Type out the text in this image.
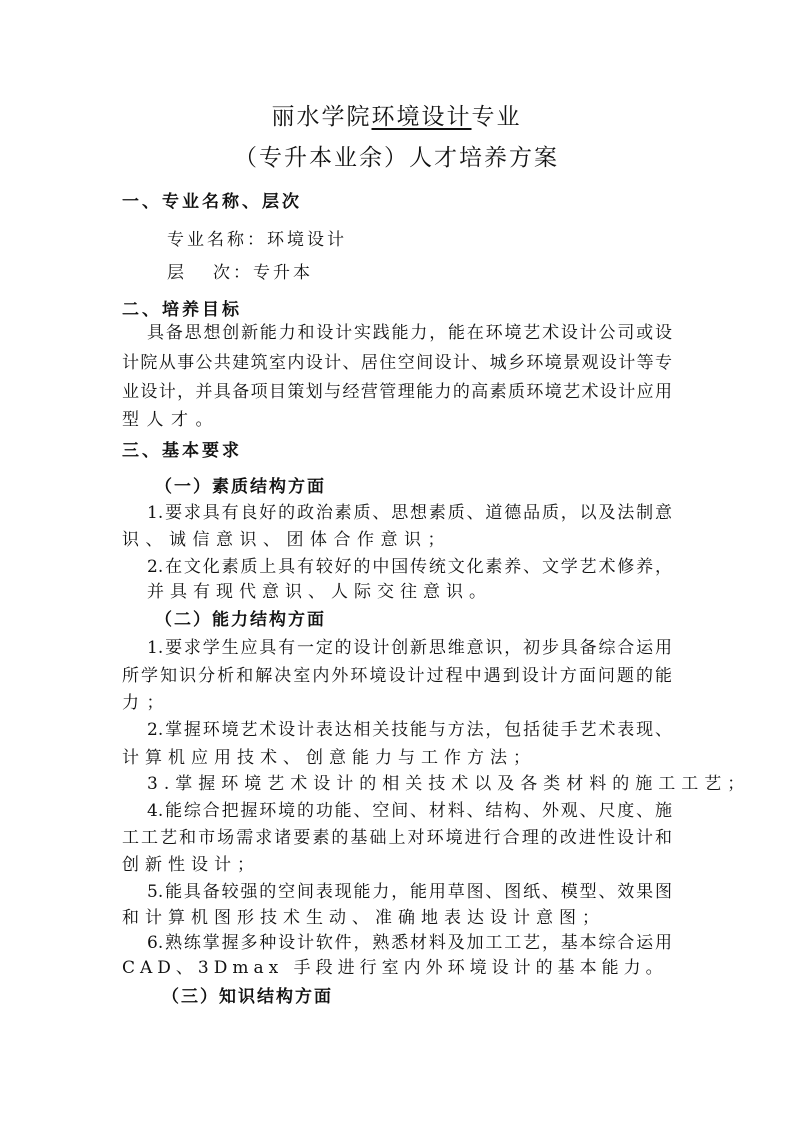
丽水学院环境设计专业
（专升本业余）人才培养方案
一、专业名称、层次
专业名称：环境设计
层 次：专升本
二、培养目标
具备思想创新能力和设计实践能力，能在环境艺术设计公司或设
计院从事公共建筑室内设计、居住空间设计、城乡环境景观设计等专
业设计，并具备项目策划与经营管理能力的高素质环境艺术设计应用
型人才。
三、基本要求
（一）素质结构方面
1.要求具有良好的政治素质、思想素质、道德品质，以及法制意
识、诚信意识、团体合作意识；
2.在文化素质上具有较好的中国传统文化素养、文学艺术修养，
并具有现代意识、人际交往意识。
（二）能力结构方面
1.要求学生应具有一定的设计创新思维意识，初步具备综合运用
所学知识分析和解决室内外环境设计过程中遇到设计方面问题的能
力；
2.掌握环境艺术设计表达相关技能与方法，包括徒手艺术表现、
计算机应用技术、创意能力与工作方法；
3.掌握环境艺术设计的相关技术以及各类材料的施工工艺；
4.能综合把握环境的功能、空间、材料、结构、外观、尺度、施
工工艺和市场需求诸要素的基础上对环境进行合理的改进性设计和
创新性设计；
5.能具备较强的空间表现能力，能用草图、图纸、模型、效果图
和计算机图形技术生动、准确地表达设计意图；
6.熟练掌握多种设计软件，熟悉材料及加工工艺，基本综合运用
CAD、3Dmax 手段进行室内外环境设计的基本能力。
（三）知识结构方面
